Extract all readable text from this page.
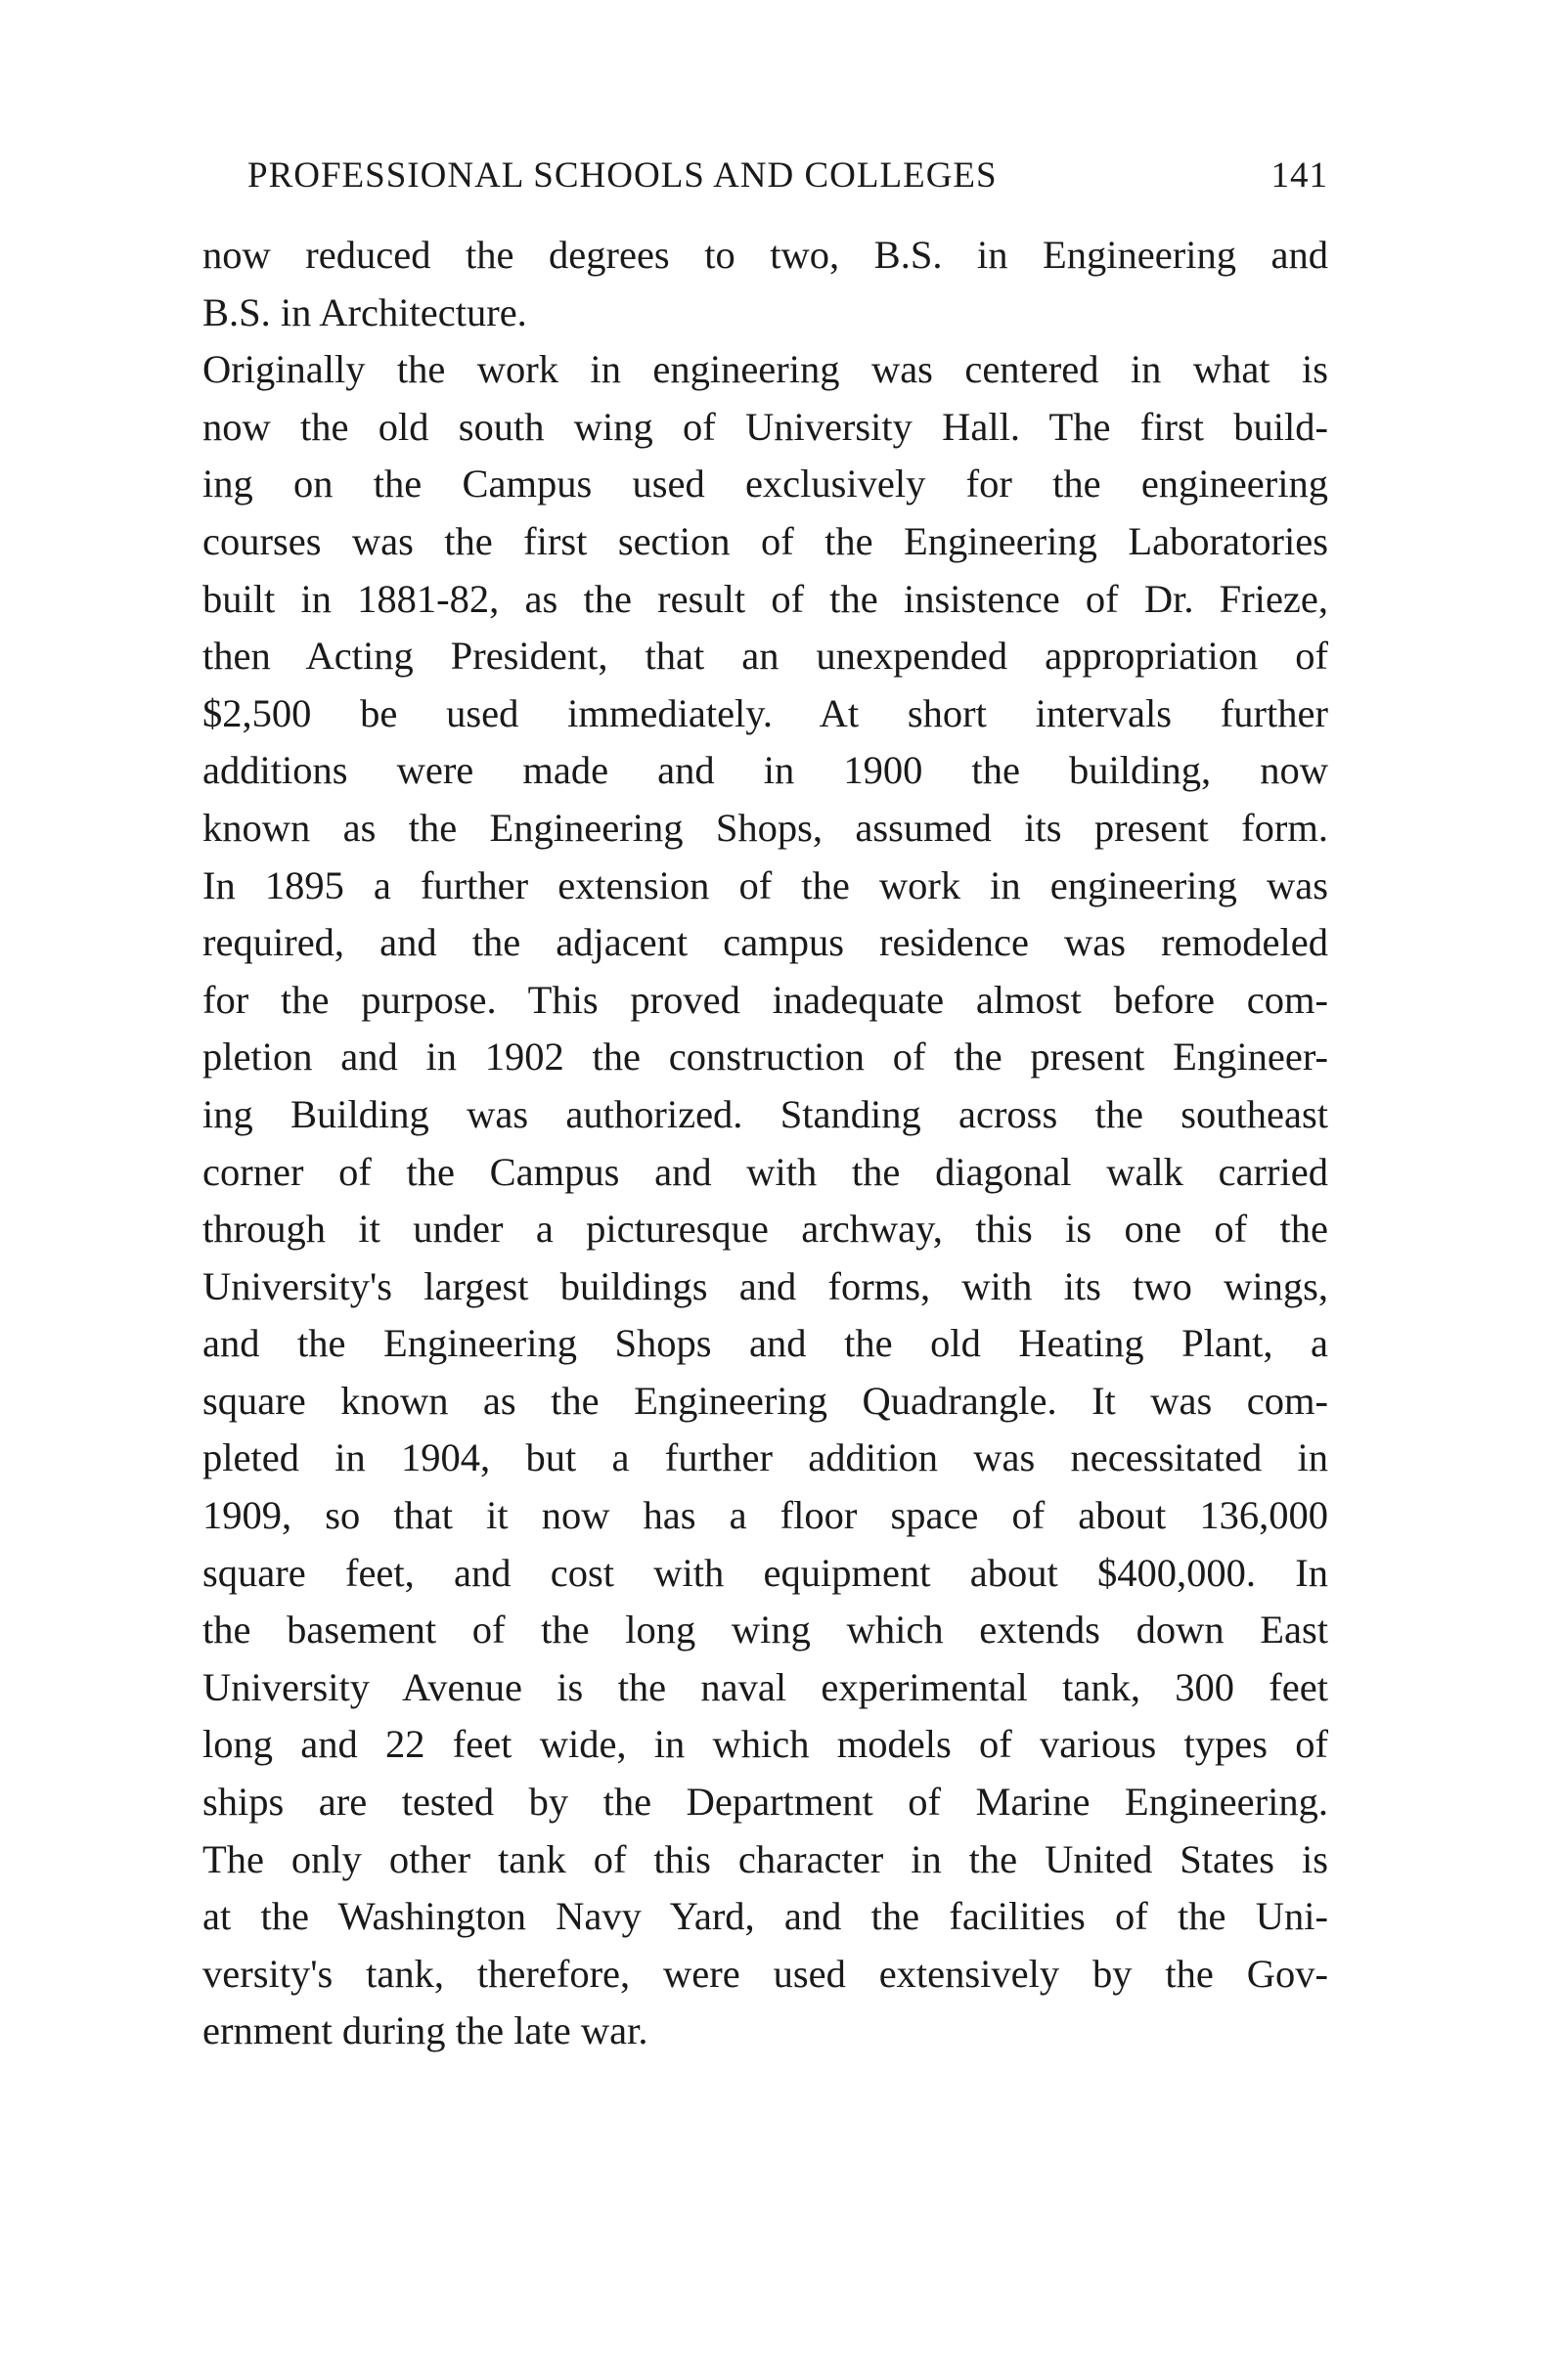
PROFESSIONAL SCHOOLS AND COLLEGES	141
now reduced the degrees to two, B.S. in Engineering and
B.S. in Architecture.
Originally the work in engineering was centered in what is
now the old south wing of University Hall. The first build-
ing on the Campus used exclusively for the engineering
courses was the first section of the Engineering Laboratories
built in 1881-82, as the result of the insistence of Dr. Frieze,
then Acting President, that an unexpended appropriation of
$2,500 be used immediately. At short intervals further
additions were made and in 1900 the building, now
known as the Engineering Shops, assumed its present form.
In 1895 a further extension of the work in engineering was
required, and the adjacent campus residence was remodeled
for the purpose. This proved inadequate almost before com-
pletion and in 1902 the construction of the present Engineer-
ing Building was authorized. Standing across the southeast
corner of the Campus and with the diagonal walk carried
through it under a picturesque archway, this is one of the
University's largest buildings and forms, with its two wings,
and the Engineering Shops and the old Heating Plant, a
square known as the Engineering Quadrangle. It was com-
pleted in 1904, but a further addition was necessitated in
1909, so that it now has a floor space of about 136,000
square feet, and cost with equipment about $400,000. In
the basement of the long wing which extends down East
University Avenue is the naval experimental tank, 300 feet
long and 22 feet wide, in which models of various types of
ships are tested by the Department of Marine Engineering.
The only other tank of this character in the United States is
at the Washington Navy Yard, and the facilities of the Uni-
versity's tank, therefore, were used extensively by the Gov-
ernment during the late war.
